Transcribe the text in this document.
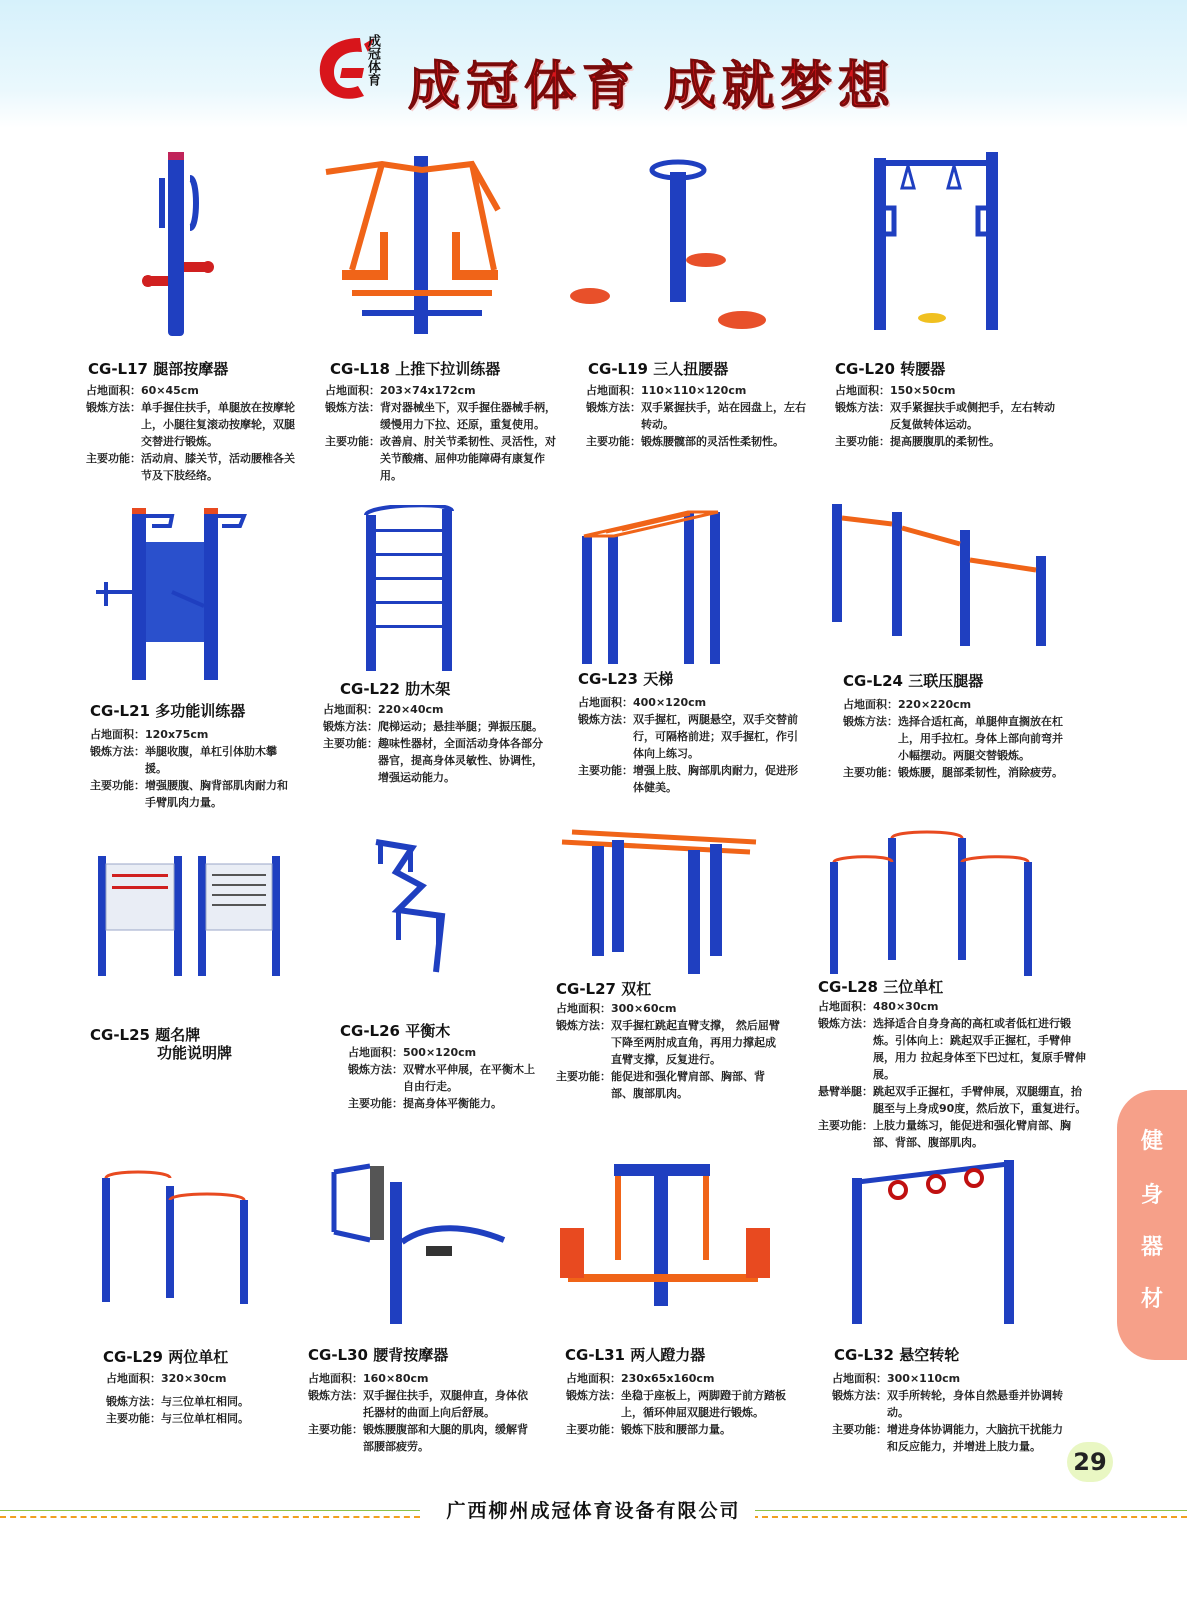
成冠体育 成冠体育 成就梦想
CG-L17 腿部按摩器
占地面积： 60×45cm
锻炼方法： 单手握住扶手，单腿放在按摩轮上，小腿往复滚动按摩轮，双腿交替进行锻炼。
主要功能： 活动肩、膝关节，活动腰椎各关节及下肢经络。
CG-L18 上推下拉训练器
占地面积： 203×74x172cm
锻炼方法： 背对器械坐下，双手握住器械手柄，缓慢用力下拉、还原，重复使用。
主要功能： 改善肩、肘关节柔韧性、灵活性，对关节酸痛、屈伸功能障碍有康复作用。
CG-L19 三人扭腰器
占地面积： 110×110×120cm
锻炼方法： 双手紧握扶手，站在园盘上，左右转动。
主要功能： 锻炼腰髋部的灵活性柔韧性。
CG-L20 转腰器
占地面积： 150×50cm
锻炼方法： 双手紧握扶手或侧把手，左右转动反复做转体运动。
主要功能： 提高腰腹肌的柔韧性。
CG-L21 多功能训练器
占地面积： 120x75cm
锻炼方法： 举腿收腹，单杠引体肋木攀援。
主要功能： 增强腰腹、胸背部肌肉耐力和手臂肌肉力量。
CG-L22 肋木架
占地面积： 220×40cm
锻炼方法： 爬梯运动；悬挂举腿；弹振压腿。
主要功能： 趣味性器材，全面活动身体各部分器官，提高身体灵敏性、协调性，增强运动能力。
CG-L23 天梯
占地面积： 400×120cm
锻炼方法： 双手握杠，两腿悬空，双手交替前行，可隔格前进；双手握杠，作引体向上练习。
主要功能： 增强上肢、胸部肌肉耐力，促进形体健美。
CG-L24 三联压腿器
占地面积： 220×220cm
锻炼方法： 选择合适杠高，单腿伸直搁放在杠上，用手拉杠。身体上部向前弯并小幅摆动。两腿交替锻炼。
主要功能： 锻炼腰，腿部柔韧性，消除疲劳。
CG-L25 题名牌
功能说明牌
CG-L26 平衡木
占地面积： 500×120cm
锻炼方法： 双臂水平伸展，在平衡木上自由行走。
主要功能： 提高身体平衡能力。
CG-L27 双杠
占地面积： 300×60cm
锻炼方法： 双手握杠跳起直臂支撑， 然后屈臂下降至两肘成直角，再用力撑起成直臂支撑，反复进行。
主要功能： 能促进和强化臂肩部、胸部、背部、腹部肌肉。
CG-L28 三位单杠
占地面积： 480×30cm
锻炼方法： 选择适合自身身高的高杠或者低杠进行锻炼。引体向上：跳起双手正握杠，手臂伸展，用力 拉起身体至下巴过杠，复原手臂伸展。
悬臂举腿： 跳起双手正握杠，手臂伸展，双腿绷直，抬腿至与上身成90度，然后放下，重复进行。
主要功能： 上肢力量练习，能促进和强化臂肩部、胸部、背部、腹部肌肉。
CG-L29 两位单杠
占地面积： 320×30cm
锻炼方法： 与三位单杠相同。
主要功能： 与三位单杠相同。
CG-L30 腰背按摩器
占地面积： 160×80cm
锻炼方法： 双手握住扶手，双腿伸直，身体依托器材的曲面上向后舒展。
主要功能： 锻炼腰腹部和大腿的肌肉，缓解背部腰部疲劳。
CG-L31 两人蹬力器
占地面积： 230x65x160cm
锻炼方法： 坐稳于座板上，两脚蹬于前方踏板上，循环伸屈双腿进行锻炼。
主要功能： 锻炼下肢和腰部力量。
CG-L32 悬空转轮
占地面积： 300×110cm
锻炼方法： 双手所转轮，身体自然悬垂并协调转动。
主要功能： 增进身体协调能力，大脑抗干扰能力和反应能力，并增进上肢力量。
健
身
器
材
29
广西柳州成冠体育设备有限公司
